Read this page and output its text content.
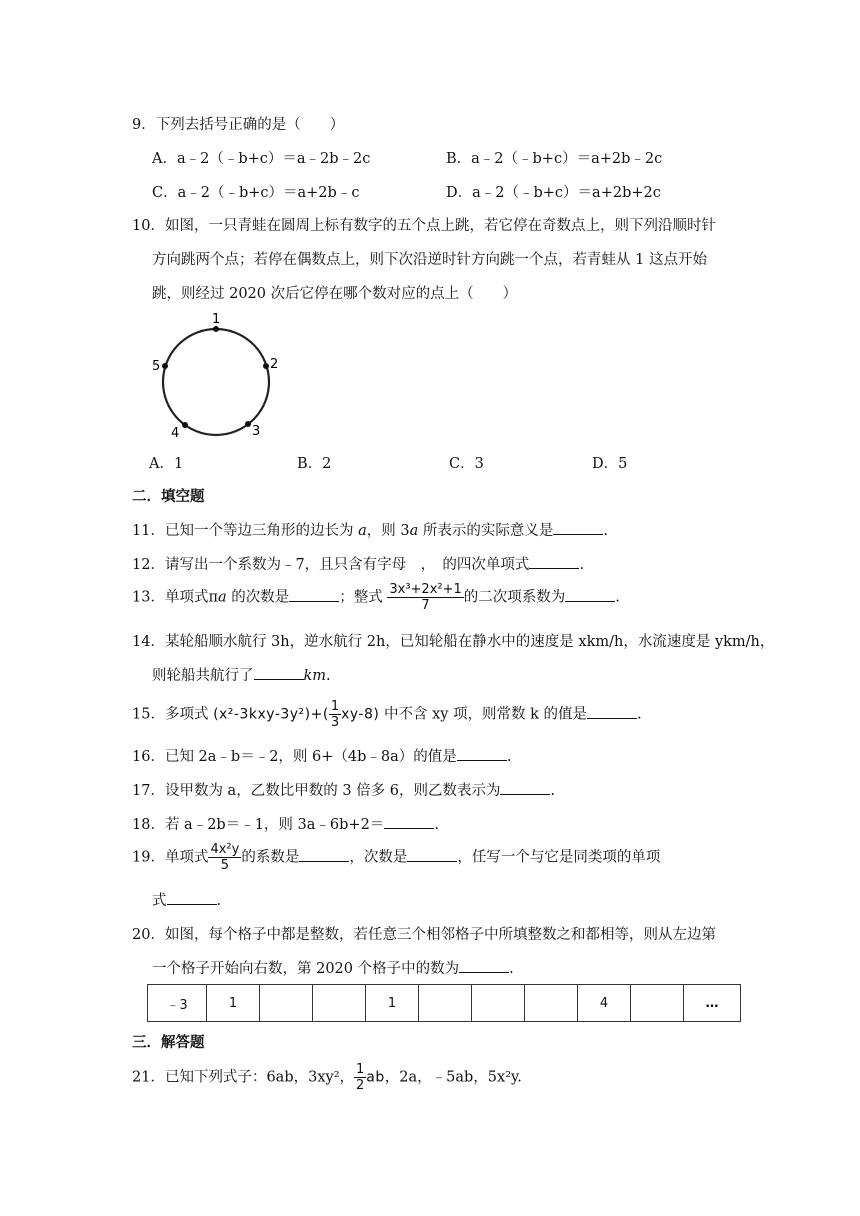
9．下列去括号正确的是（　　）
A．a﹣2（﹣b+c）＝a﹣2b﹣2c	B．a﹣2（﹣b+c）＝a+2b﹣2c
C．a﹣2（﹣b+c）＝a+2b﹣c	D．a﹣2（﹣b+c）＝a+2b+2c
10．如图，一只青蛙在圆周上标有数字的五个点上跳，若它停在奇数点上，则下列沿顺时针
方向跳两个点；若停在偶数点上，则下次沿逆时针方向跳一个点，若青蛙从 1 这点开始
跳，则经过 2020 次后它停在哪个数对应的点上（　　）
1
2
3
4
5
A．1	B．2	C．3	D．5
二．填空题
11．已知一个等边三角形的边长为 a，则 3a 所表示的实际意义是	.
12．请写出一个系数为﹣7，且只含有字母　，　的四次单项式	.
13．单项式πa 的次数是	；整式 $\frac{\text{3x³+2x²+1}}{7}$ 的二次项系数为	.
14．某轮船顺水航行 3h，逆水航行 2h，已知轮船在静水中的速度是 xkm/h，水流速度是 ykm/h，
则轮船共航行了	km.
15．多项式 $(x^2-3kxy-3y^2)+( \frac{1}{3} xy-8)$ 中不含 xy 项，则常数 k 的值是	.
16．已知 2a﹣b＝﹣2，则 6+（4b﹣8a）的值是	.
17．设甲数为 a，乙数比甲数的 3 倍多 6，则乙数表示为	.
18．若 a﹣2b＝﹣1，则 3a﹣6b+2＝	.
19．单项式 $\frac{\text{4x²y}}{5}$ 的系数是	，次数是	，任写一个与它是同类项的单项
式	.
20．如图，每个格子中都是整数，若任意三个相邻格子中所填整数之和都相等，则从左边第
一个格子开始向右数，第 2020 个格子中的数为	.
﹣3	1			1				4		…
三．解答题
21．已知下列式子：6ab，3xy²， $\frac{1}{2}$ ab，2a，﹣5ab，5x²y.
